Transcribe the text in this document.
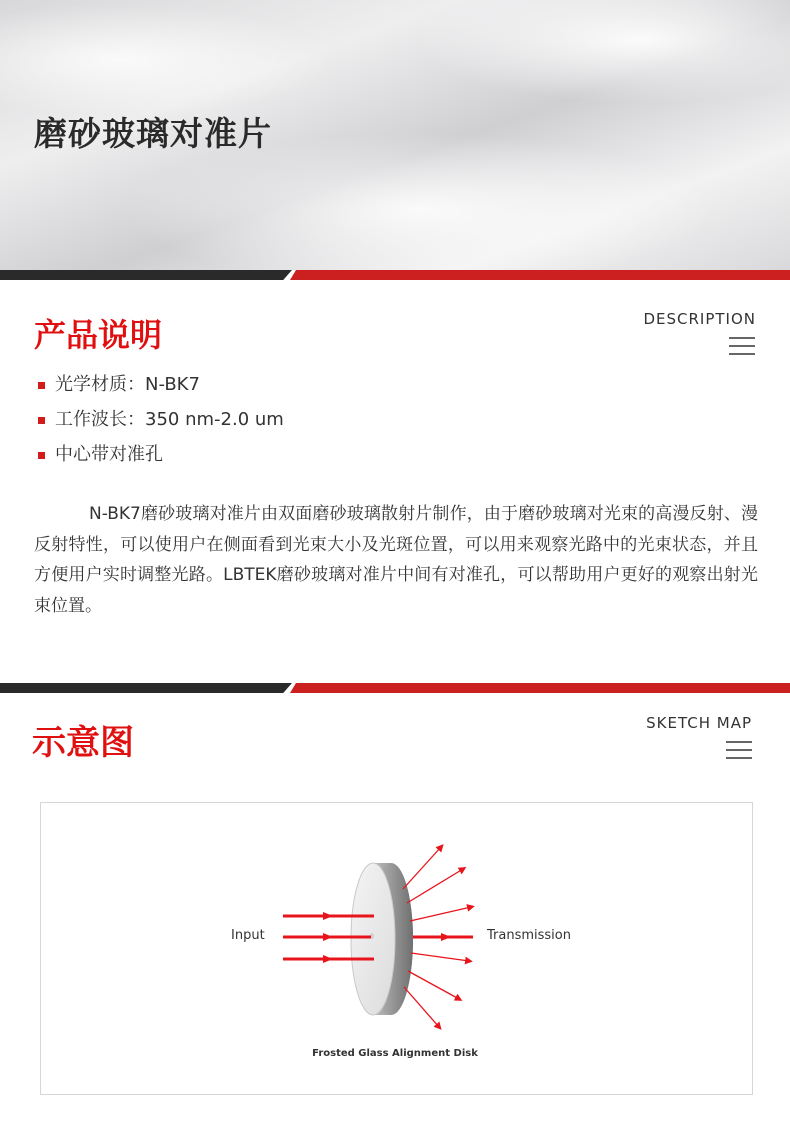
磨砂玻璃对准片
产品说明	DESCRIPTION
光学材质：N-BK7
工作波长：350 nm-2.0 um
中心带对准孔
N-BK7磨砂玻璃对准片由双面磨砂玻璃散射片制作，由于磨砂玻璃对光束的高漫反射、漫反射特性，可以使用户在侧面看到光束大小及光斑位置，可以用来观察光路中的光束状态，并且方便用户实时调整光路。LBTEK磨砂玻璃对准片中间有对准孔，可以帮助用户更好的观察出射光束位置。
示意图	SKETCH MAP
Input	Transmission
Frosted Glass Alignment Disk
